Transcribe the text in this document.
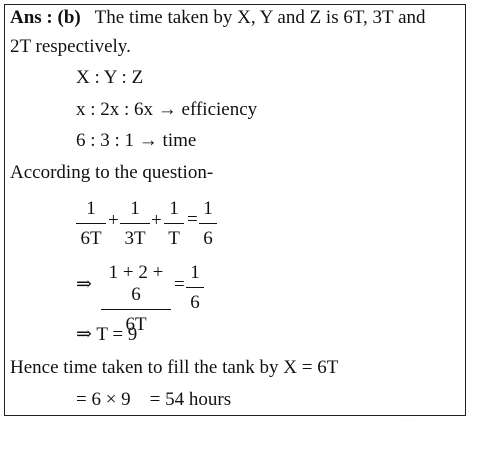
Ans : (b) The time taken by X, Y and Z is 6T, 3T and
2T respectively.
X : Y : Z
x : 2x : 6x → efficiency
6 : 3 : 1 → time
According to the question-
1
6T
+
1
3T
+
1
T
=
1
6
⇒
1 + 2 + 6
6T
=
1
6
⇒ T = 9
Hence time taken to fill the tank by X = 6T
= 6 × 9    = 54 hours
· . · ·
